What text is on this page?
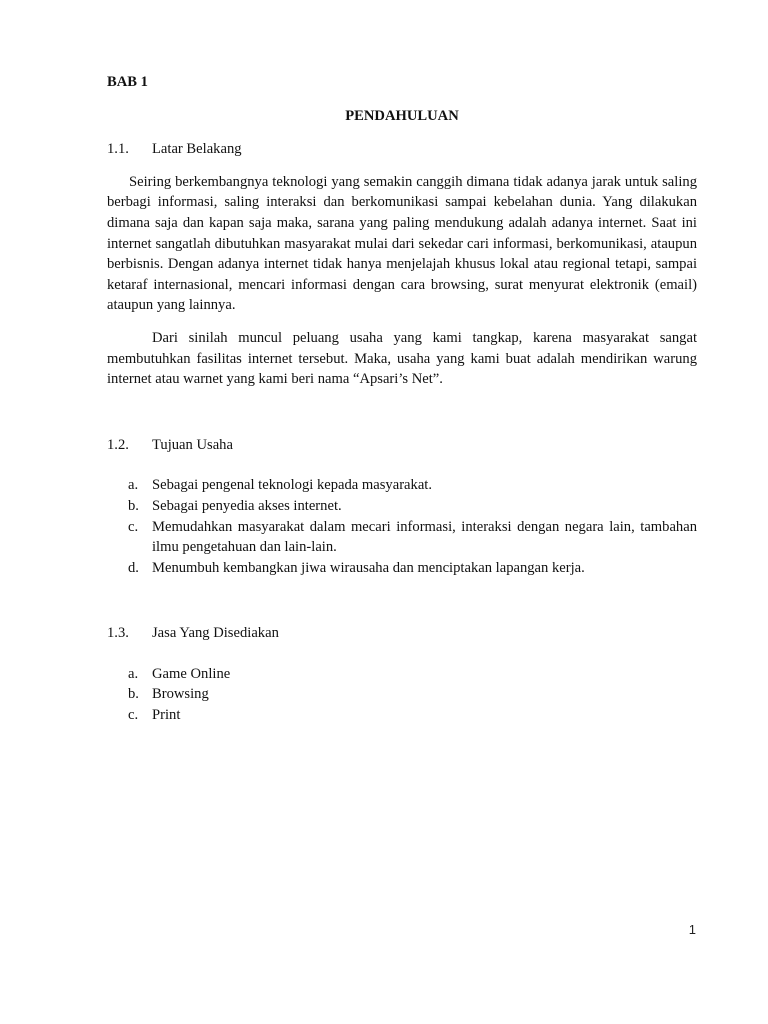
BAB 1

PENDAHULUAN

1.1.	Latar Belakang

Seiring berkembangnya teknologi yang semakin canggih dimana tidak adanya jarak untuk saling berbagi informasi, saling interaksi dan berkomunikasi sampai kebelahan dunia. Yang dilakukan dimana saja dan kapan saja maka, sarana yang paling mendukung adalah adanya internet. Saat ini internet sangatlah dibutuhkan masyarakat mulai dari sekedar cari informasi, berkomunikasi, ataupun berbisnis. Dengan adanya internet tidak hanya menjelajah khusus lokal atau regional tetapi, sampai ketaraf internasional, mencari informasi dengan cara browsing, surat menyurat elektronik (email) ataupun yang lainnya.

Dari sinilah muncul peluang usaha yang kami tangkap, karena masyarakat sangat membutuhkan fasilitas internet tersebut. Maka, usaha yang kami buat adalah mendirikan warung internet atau warnet yang kami beri nama “Apsari’s Net”.

1.2.	Tujuan Usaha
a. Sebagai pengenal teknologi kepada masyarakat.
b. Sebagai penyedia akses internet.
c. Memudahkan masyarakat dalam mecari informasi, interaksi dengan negara lain, tambahan ilmu pengetahuan dan lain-lain.
d. Menumbuh kembangkan jiwa wirausaha dan menciptakan lapangan kerja.
1.3.	Jasa Yang Disediakan
a. Game Online
b. Browsing
c. Print
1
